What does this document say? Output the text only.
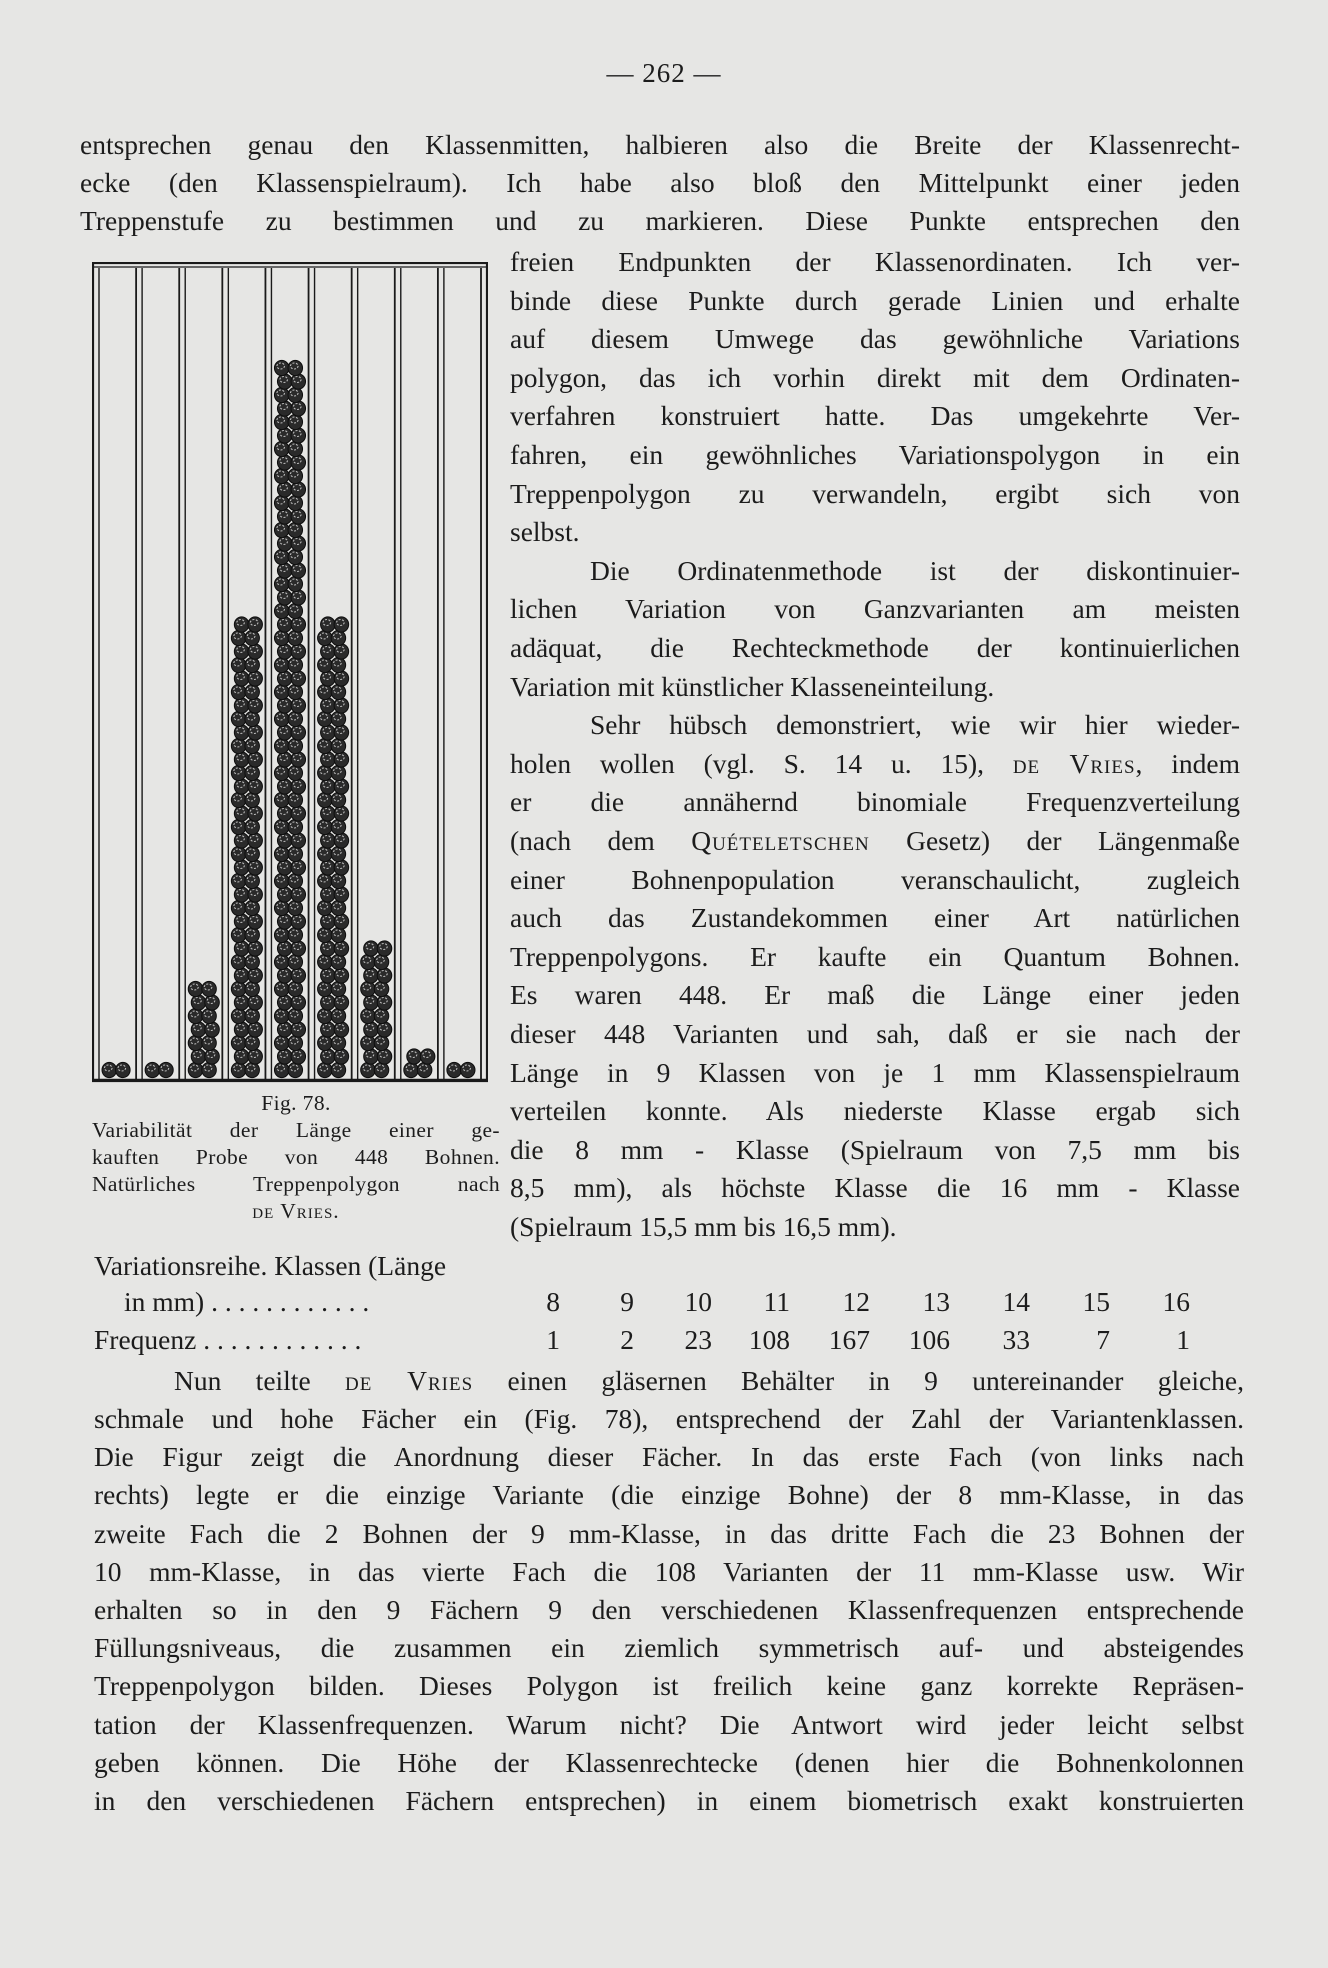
— 262 —
entsprechen genau den Klassenmitten, halbieren also die Breite der Klassenrecht-
ecke (den Klassenspielraum). Ich habe also bloß den Mittelpunkt einer jeden
Treppenstufe zu bestimmen und zu markieren. Diese Punkte entsprechen den
Fig. 78.
Variabilität der Länge einer ge-
kauften Probe von 448 Bohnen.
Natürliches Treppenpolygon nach
de Vries.
freien Endpunkten der Klassenordinaten. Ich ver-
binde diese Punkte durch gerade Linien und erhalte
auf diesem Umwege das gewöhnliche Variations
polygon, das ich vorhin direkt mit dem Ordinaten-
verfahren konstruiert hatte. Das umgekehrte Ver-
fahren, ein gewöhnliches Variationspolygon in ein
Treppenpolygon zu verwandeln, ergibt sich von
selbst.
Die Ordinatenmethode ist der diskontinuier-
lichen Variation von Ganzvarianten am meisten
adäquat, die Rechteckmethode der kontinuierlichen
Variation mit künstlicher Klasseneinteilung.
Sehr hübsch demonstriert, wie wir hier wieder-
holen wollen (vgl. S. 14 u. 15), de Vries, indem
er die annähernd binomiale Frequenzverteilung
(nach dem Quételetschen Gesetz) der Längenmaße
einer Bohnenpopulation veranschaulicht, zugleich
auch das Zustandekommen einer Art natürlichen
Treppenpolygons. Er kaufte ein Quantum Bohnen.
Es waren 448. Er maß die Länge einer jeden
dieser 448 Varianten und sah, daß er sie nach der
Länge in 9 Klassen von je 1 mm Klassenspielraum
verteilen konnte. Als niederste Klasse ergab sich
die 8 mm - Klasse (Spielraum von 7,5 mm bis
8,5 mm), als höchste Klasse die 16 mm - Klasse
(Spielraum 15,5 mm bis 16,5 mm).
Variationsreihe. Klassen (Länge
in mm) . . . . . . . . . . . .	8	9	10	11	12	13	14	15	16
Frequenz . . . . . . . . . . . .	1	2	23	108	167	106	33	7	1
Nun teilte de Vries einen gläsernen Behälter in 9 untereinander gleiche,
schmale und hohe Fächer ein (Fig. 78), entsprechend der Zahl der Variantenklassen.
Die Figur zeigt die Anordnung dieser Fächer. In das erste Fach (von links nach
rechts) legte er die einzige Variante (die einzige Bohne) der 8 mm-Klasse, in das
zweite Fach die 2 Bohnen der 9 mm-Klasse, in das dritte Fach die 23 Bohnen der
10 mm-Klasse, in das vierte Fach die 108 Varianten der 11 mm-Klasse usw. Wir
erhalten so in den 9 Fächern 9 den verschiedenen Klassenfrequenzen entsprechende
Füllungsniveaus, die zusammen ein ziemlich symmetrisch auf- und absteigendes
Treppenpolygon bilden. Dieses Polygon ist freilich keine ganz korrekte Repräsen-
tation der Klassenfrequenzen. Warum nicht? Die Antwort wird jeder leicht selbst
geben können. Die Höhe der Klassenrechtecke (denen hier die Bohnenkolonnen
in den verschiedenen Fächern entsprechen) in einem biometrisch exakt konstruierten
